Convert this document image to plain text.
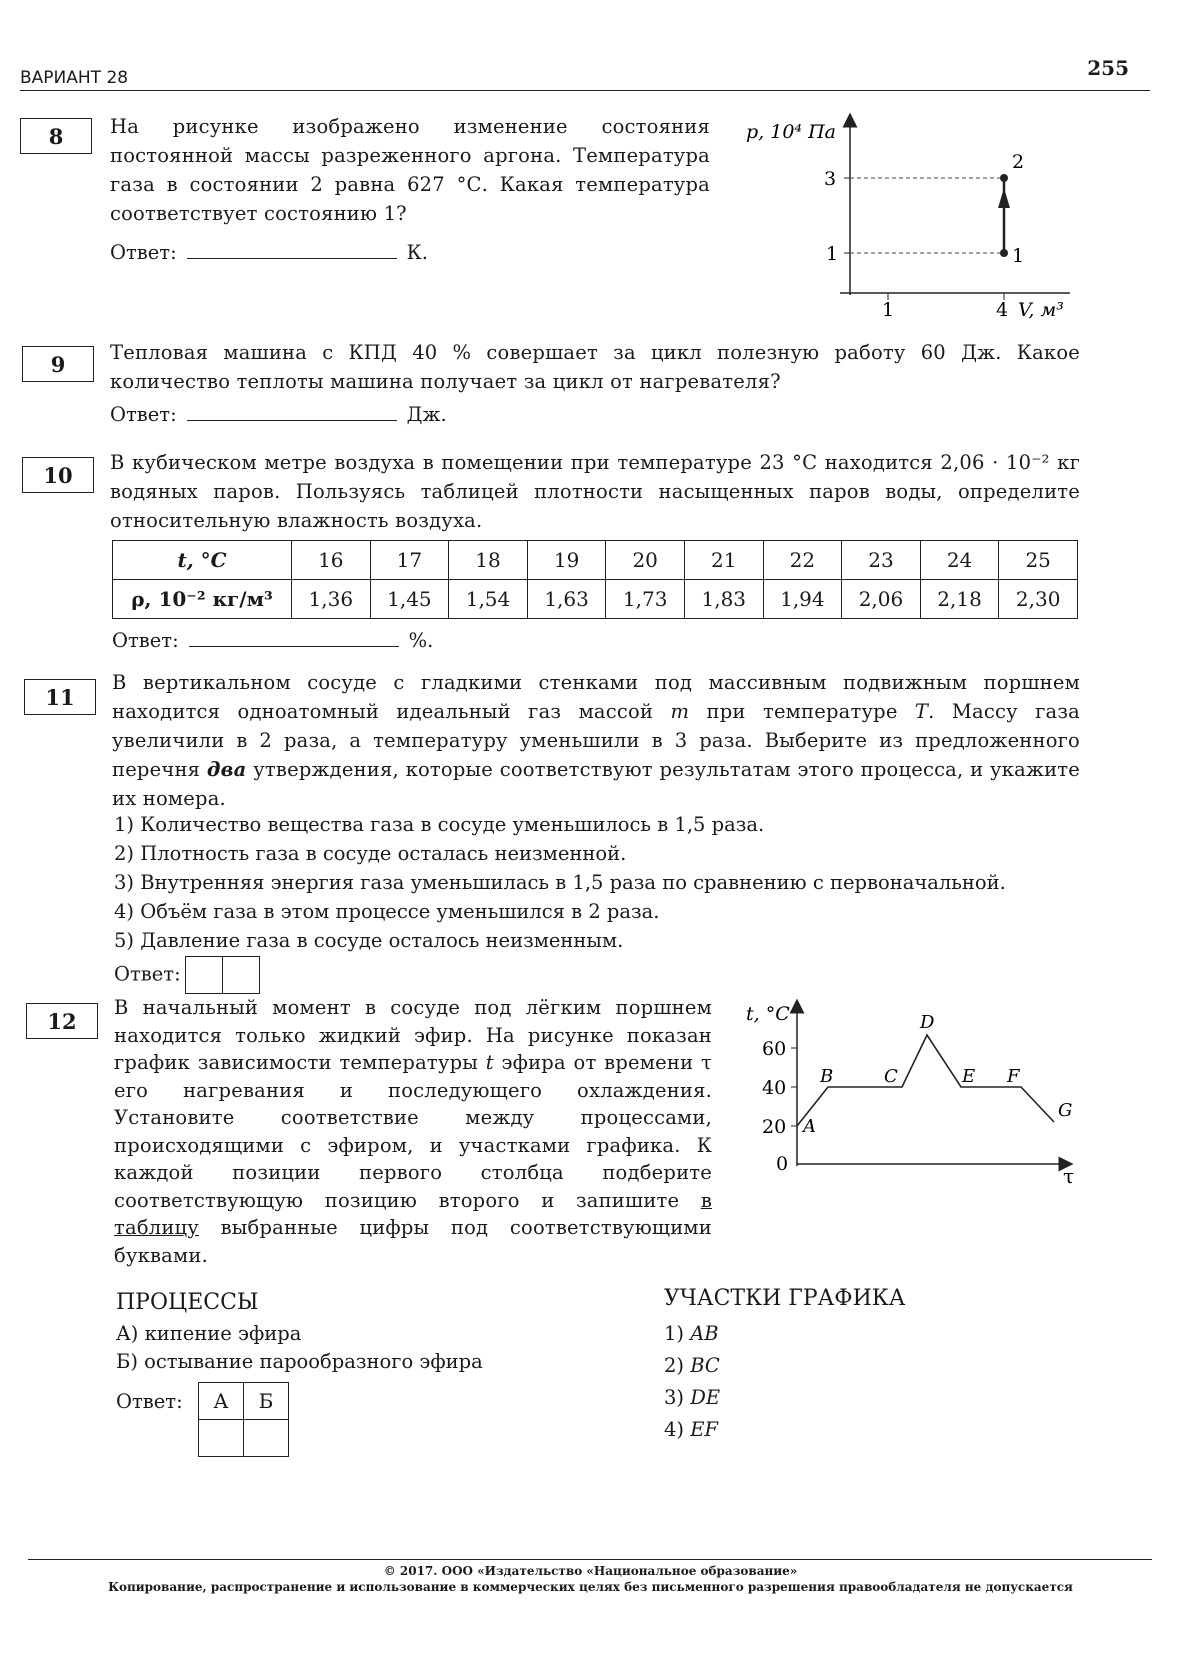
ВАРИАНТ 28	255
8	На рисунке изображено изменение состояния постоянной массы разреженного аргона. Температура газа в состоянии 2 равна 627 °С. Какая температура соответствует состоянию 1?
Ответ:	К.
p, 10⁴ Па
3
1
1	4 V, м³
2
1
9	Тепловая машина с КПД 40 % совершает за цикл полезную работу 60 Дж. Какое количество теплоты машина получает за цикл от нагревателя?
Ответ:	Дж.
10	В кубическом метре воздуха в помещении при температуре 23 °С находится 2,06 · 10⁻² кг водяных паров. Пользуясь таблицей плотности насыщенных паров воды, определите относительную влажность воздуха.
t, °С	16	17	18	19	20	21	22	23	24	25
ρ, 10⁻² кг/м³	1,36	1,45	1,54	1,63	1,73	1,83	1,94	2,06	2,18	2,30
Ответ:	%.
11
В вертикальном сосуде с гладкими стенками под массивным подвижным поршнем находится одноатомный идеальный газ массой m при температуре T. Массу газа увеличили в 2 раза, а температуру уменьшили в 3 раза. Выберите из предложенного перечня два утверждения, которые соответствуют результатам этого процесса, и укажите их номера.
1) Количество вещества газа в сосуде уменьшилось в 1,5 раза.
2) Плотность газа в сосуде осталась неизменной.
3) Внутренняя энергия газа уменьшилась в 1,5 раза по сравнению с первоначальной.
4) Объём газа в этом процессе уменьшился в 2 раза.
5) Давление газа в сосуде осталось неизменным.
Ответ:
12
В начальный момент в сосуде под лёгким поршнем находится только жидкий эфир. На рисунке показан график зависимости температуры t эфира от времени τ его нагревания и последующего охлаждения. Установите соответствие между процессами, происходящими с эфиром, и участками графика. К каждой позиции первого столбца подберите соответствующую позицию второго и запишите в таблицу выбранные цифры под соответствующими буквами.
t, °С
60
40
20
0	τ
A
B	C
D
E F
G
ПРОЦЕССЫ
А) кипение эфира
Б) остывание парообразного эфира
УЧАСТКИ ГРАФИКА
1) AB
2) BC
3) DE
4) EF
Ответ: А	Б

© 2017. ООО «Издательство «Национальное образование»
Копирование, распространение и использование в коммерческих целях без письменного разрешения правообладателя не допускается
